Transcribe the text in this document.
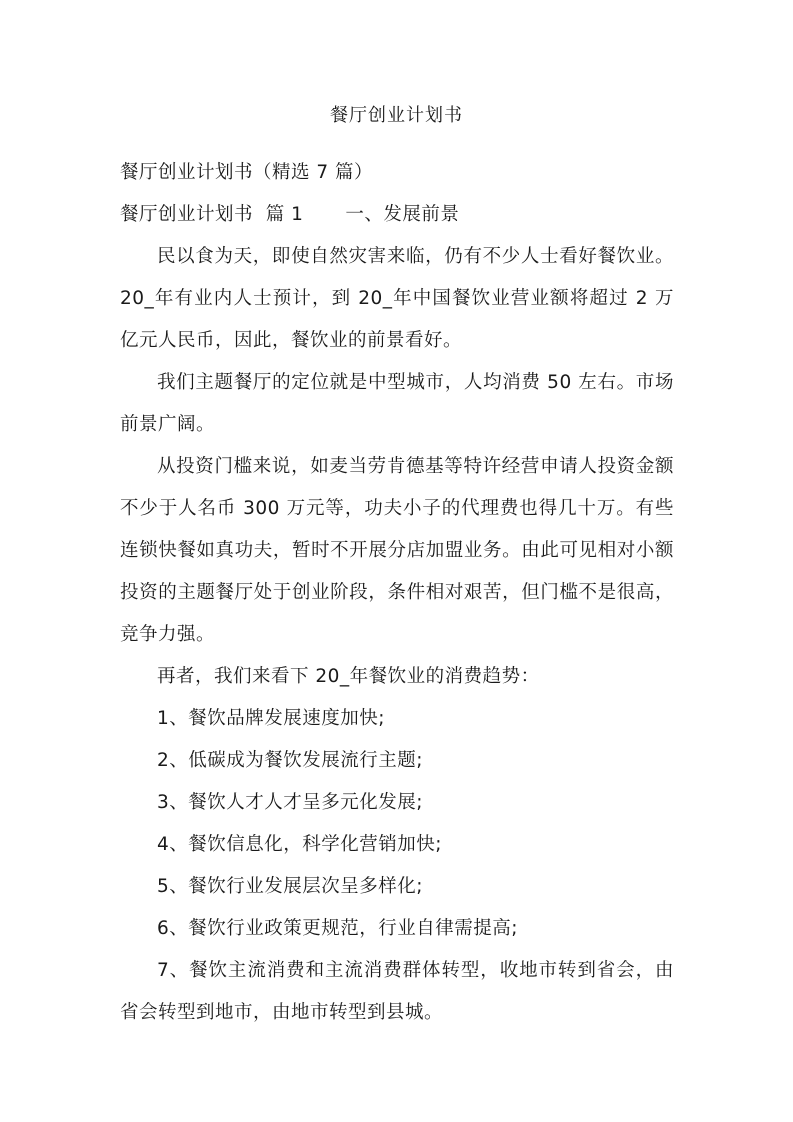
餐厅创业计划书

餐厅创业计划书（精选 7 篇）

餐厅创业计划书  篇 1 一、发展前景

民以食为天，即使自然灾害来临，仍有不少人士看好餐饮业。20_年有业内人士预计，到 20_年中国餐饮业营业额将超过 2 万亿元人民币，因此，餐饮业的前景看好。

我们主题餐厅的定位就是中型城市，人均消费 50 左右。市场前景广阔。

从投资门槛来说，如麦当劳肯德基等特许经营申请人投资金额不少于人名币 300 万元等，功夫小子的代理费也得几十万。有些连锁快餐如真功夫，暂时不开展分店加盟业务。由此可见相对小额投资的主题餐厅处于创业阶段，条件相对艰苦，但门槛不是很高，竞争力强。

再者，我们来看下 20_年餐饮业的消费趋势：

1、餐饮品牌发展速度加快;

2、低碳成为餐饮发展流行主题;

3、餐饮人才人才呈多元化发展;

4、餐饮信息化，科学化营销加快;

5、餐饮行业发展层次呈多样化;

6、餐饮行业政策更规范，行业自律需提高;

7、餐饮主流消费和主流消费群体转型，收地市转到省会，由省会转型到地市，由地市转型到县城。
